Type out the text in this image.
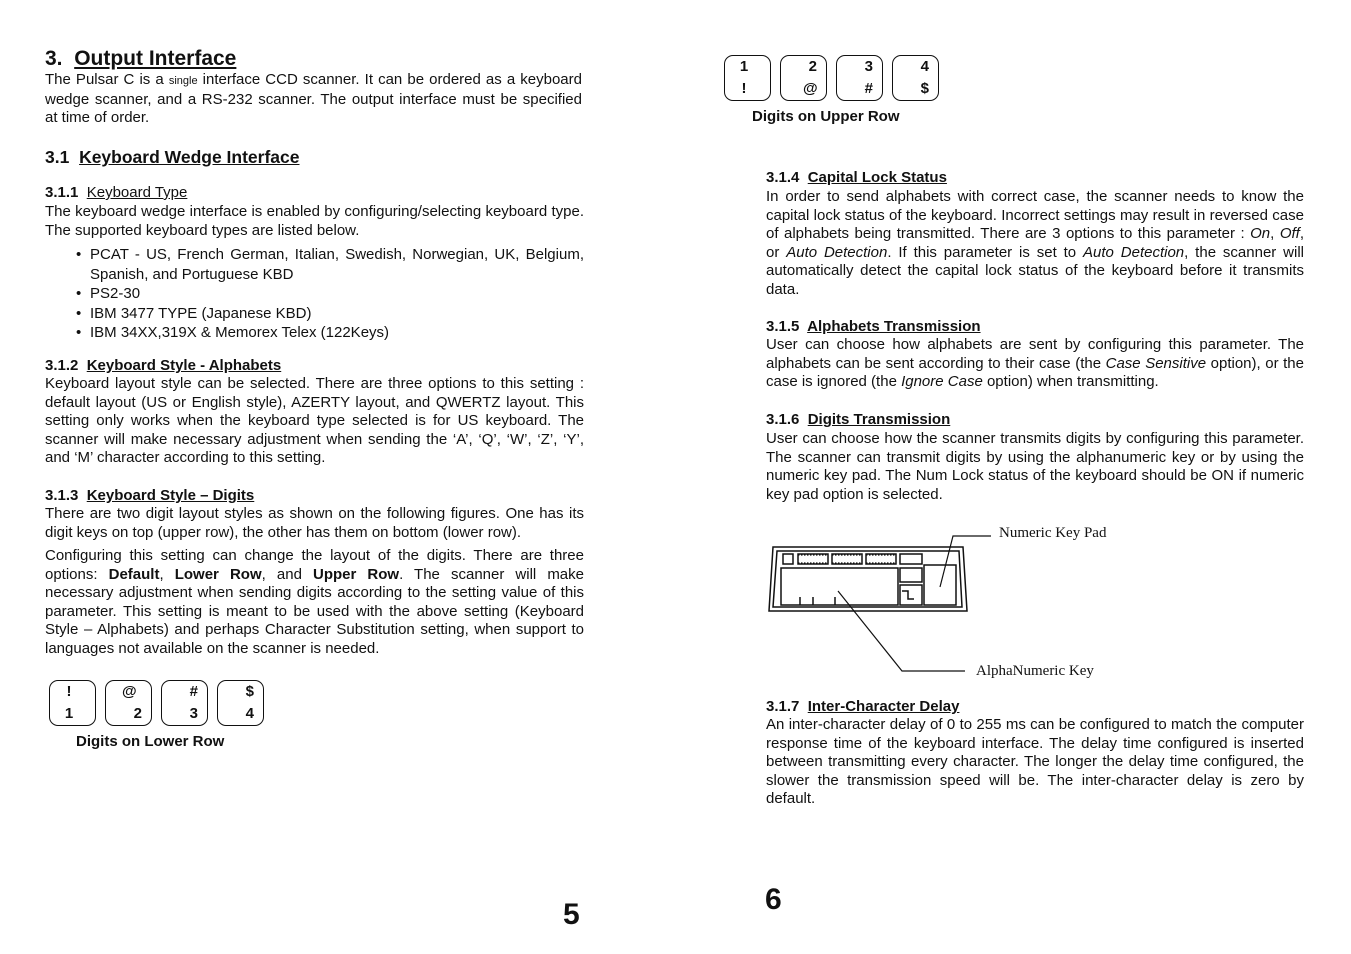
3. Output Interface

The Pulsar C is a single interface CCD scanner. It can be ordered as a keyboard wedge scanner, and a RS-232 scanner. The output interface must be specified at time of order.

3.1 Keyboard Wedge Interface
3.1.1 Keyboard Type

The keyboard wedge interface is enabled by configuring/selecting keyboard type. The supported keyboard types are listed below.

• PCAT - US, French German, Italian, Swedish, Norwegian, UK, Belgium, Spanish, and Portuguese KBD
• PS2-30
• IBM 3477 TYPE (Japanese KBD)
• IBM 34XX,319X & Memorex Telex (122Keys)
3.1.2 Keyboard Style - Alphabets

Keyboard layout style can be selected. There are three options to this setting : default layout (US or English style), AZERTY layout, and QWERTZ layout. This setting only works when the keyboard type selected is for US keyboard. The scanner will make necessary adjustment when sending the ‘A’, ‘Q’, ‘W’, ‘Z’, ‘Y’, and ‘M’ character according to this setting.

3.1.3 Keyboard Style – Digits

There are two digit layout styles as shown on the following figures. One has its digit keys on top (upper row), the other has them on bottom (lower row).

Configuring this setting can change the layout of the digits. There are three options: Default, Lower Row, and Upper Row. The scanner will make necessary adjustment when sending digits according to the setting value of this parameter. This setting is meant to be used with the above setting (Keyboard Style – Alphabets) and perhaps Character Substitution setting, when support to languages not available on the scanner is needed.

!
1
@
2
#
3
$
4
Digits on Lower Row
5
1
!
2
@
3
#
4
$
Digits on Upper Row
3.1.4 Capital Lock Status

In order to send alphabets with correct case, the scanner needs to know the capital lock status of the keyboard. Incorrect settings may result in reversed case of alphabets being transmitted. There are 3 options to this parameter : On, Off, or Auto Detection. If this parameter is set to Auto Detection, the scanner will automatically detect the capital lock status of the keyboard before it transmits data.

3.1.5 Alphabets Transmission

User can choose how alphabets are sent by configuring this parameter. The alphabets can be sent according to their case (the Case Sensitive option), or the case is ignored (the Ignore Case option) when transmitting.

3.1.6 Digits Transmission

User can choose how the scanner transmits digits by configuring this parameter. The scanner can transmit digits by using the alphanumeric key or by using the numeric key pad. The Num Lock status of the keyboard should be ON if numeric key pad option is selected.

Numeric Key Pad
AlphaNumeric Key
3.1.7 Inter-Character Delay

An inter-character delay of 0 to 255 ms can be configured to match the computer response time of the keyboard interface. The delay time configured is inserted between transmitting every character. The longer the delay time configured, the slower the transmission speed will be. The inter-character delay is zero by default.

6
